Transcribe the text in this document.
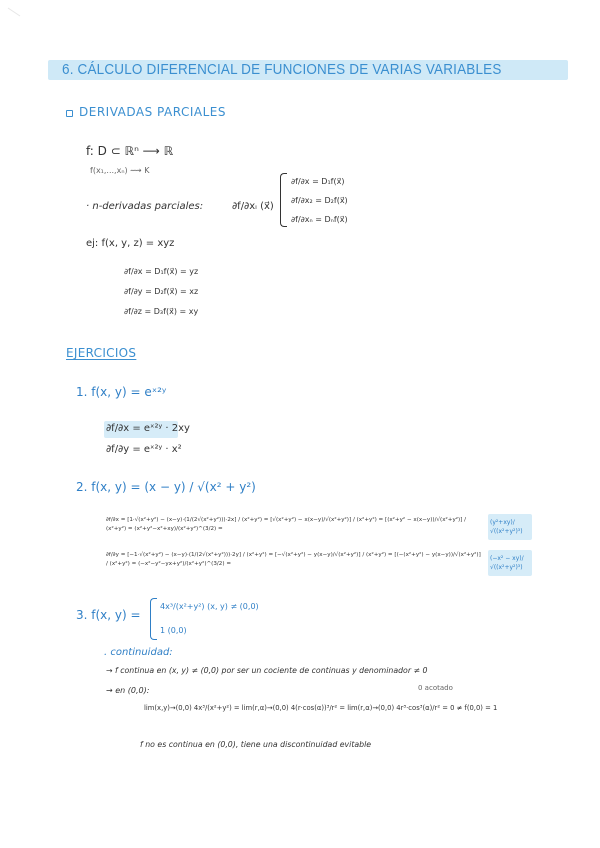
6. CÁLCULO DIFERENCIAL DE FUNCIONES DE VARIAS VARIABLES
DERIVADAS PARCIALES
f: D ⊂ ℝⁿ ⟶ ℝ
f(x₁,...,xₙ) ⟿ K
· n-derivadas parciales:	∂f/∂xᵢ (x⃗)
∂f/∂x = D₁f(x⃗)
∂f/∂x₂ = D₂f(x⃗)
∂f/∂xₙ = Dₙf(x⃗)
ej: f(x, y, z) = xyz
∂f/∂x = D₁f(x⃗) = yz
∂f/∂y = D₂f(x⃗) = xz
∂f/∂z = D₃f(x⃗) = xy
EJERCICIOS
1. f(x, y) = eˣ²ʸ
∂f/∂x = eˣ²ʸ · 2xy
∂f/∂y = eˣ²ʸ · x²
2. f(x, y) = (x − y) / √(x² + y²)
∂f/∂x = [1·√(x²+y²) − (x−y)·(1/(2√(x²+y²)))·2x] / (x²+y²) = [√(x²+y²) − x(x−y)/√(x²+y²)] / (x²+y²) = [(x²+y² − x(x−y))/√(x²+y²)] / (x²+y²) = (x²+y²−x²+xy)/(x²+y²)^(3/2) =
(y²+xy)/√((x²+y²)³)
∂f/∂y = [−1·√(x²+y²) − (x−y)·(1/(2√(x²+y²)))·2y] / (x²+y²) = [−√(x²+y²) − y(x−y)/√(x²+y²)] / (x²+y²) = [(−(x²+y²) − y(x−y))/√(x²+y²)] / (x²+y²) = (−x²−y²−yx+y²)/(x²+y²)^(3/2) =
(−x² − xy)/√((x²+y²)³)
3. f(x, y) =
4x³/(x²+y²) (x, y) ≠ (0,0)
1 (0,0)
. continuidad:
→ f continua en (x, y) ≠ (0,0) por ser un cociente de continuas y denominador ≠ 0
→ en (0,0):	0 acotado
lim(x,y)→(0,0) 4x³/(x²+y²) = lim(r,α)→(0,0) 4(r·cos(α))³/r² = lim(r,α)→(0,0) 4r³·cos³(α)/r² = 0 ≠ f(0,0) = 1
f no es continua en (0,0), tiene una discontinuidad evitable
